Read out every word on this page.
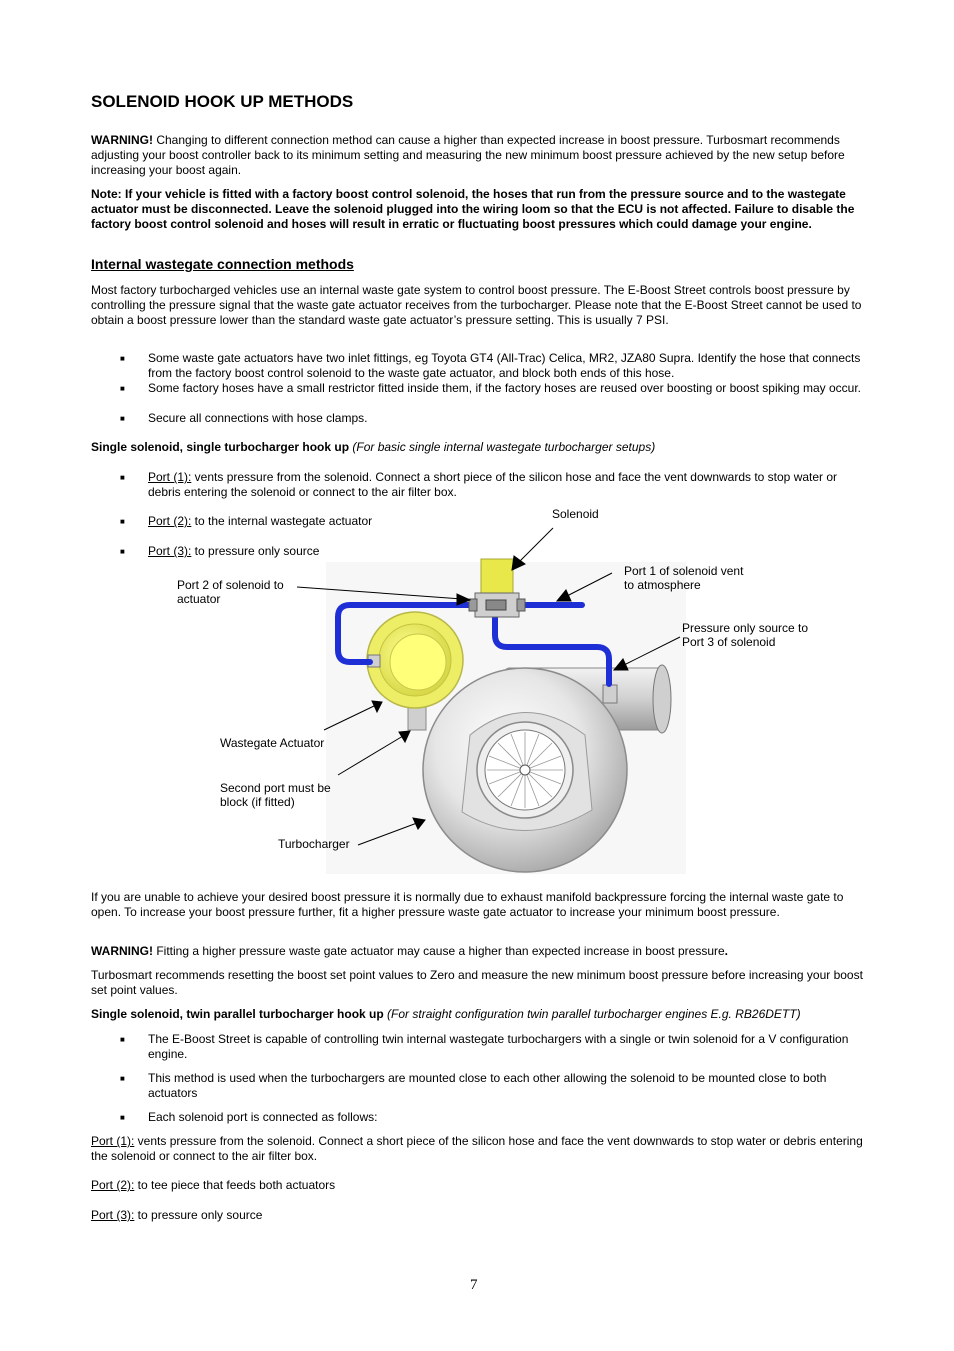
SOLENOID HOOK UP METHODS

WARNING! Changing to different connection method can cause a higher than expected increase in boost pressure. Turbosmart recommends adjusting your boost controller back to its minimum setting and measuring the new minimum boost pressure achieved by the new setup before increasing your boost again.

Note: If your vehicle is fitted with a factory boost control solenoid, the hoses that run from the pressure source and to the wastegate actuator must be disconnected. Leave the solenoid plugged into the wiring loom so that the ECU is not affected. Failure to disable the factory boost control solenoid and hoses will result in erratic or fluctuating boost pressures which could damage your engine.

Internal wastegate connection methods

Most factory turbocharged vehicles use an internal waste gate system to control boost pressure. The E-Boost Street controls boost pressure by controlling the pressure signal that the waste gate actuator receives from the turbocharger. Please note that the E-Boost Street cannot be used to obtain a boost pressure lower than the standard waste gate actuator’s pressure setting. This is usually 7 PSI.

■ Some waste gate actuators have two inlet fittings, eg Toyota GT4 (All-Trac) Celica, MR2, JZA80 Supra. Identify the hose that connects from the factory boost control solenoid to the waste gate actuator, and block both ends of this hose.

■ Some factory hoses have a small restrictor fitted inside them, if the factory hoses are reused over boosting or boost spiking may occur.

■ Secure all connections with hose clamps.

Single solenoid, single turbocharger hook up (For basic single internal wastegate turbocharger setups)

■ Port (1): vents pressure from the solenoid. Connect a short piece of the silicon hose and face the vent downwards to stop water or debris entering the solenoid or connect to the air filter box.

■ Port (2): to the internal wastegate actuator

■ Port (3): to pressure only source

Solenoid
Port 1 of solenoid vent
to atmosphere
Port 2 of solenoid to
actuator
Pressure only source to
Port 3 of solenoid
Wastegate Actuator
Second port must be
block (if fitted)
Turbocharger

If you are unable to achieve your desired boost pressure it is normally due to exhaust manifold backpressure forcing the internal waste gate to open. To increase your boost pressure further, fit a higher pressure waste gate actuator to increase your minimum boost pressure.

WARNING! Fitting a higher pressure waste gate actuator may cause a higher than expected increase in boost pressure.

Turbosmart recommends resetting the boost set point values to Zero and measure the new minimum boost pressure before increasing your boost set point values.

Single solenoid, twin parallel turbocharger hook up (For straight configuration twin parallel turbocharger engines E.g. RB26DETT)

■ The E-Boost Street is capable of controlling twin internal wastegate turbochargers with a single or twin solenoid for a V configuration engine.

■ This method is used when the turbochargers are mounted close to each other allowing the solenoid to be mounted close to both actuators

■ Each solenoid port is connected as follows:

Port (1): vents pressure from the solenoid. Connect a short piece of the silicon hose and face the vent downwards to stop water or debris entering the solenoid or connect to the air filter box.

Port (2): to tee piece that feeds both actuators

Port (3): to pressure only source

7
